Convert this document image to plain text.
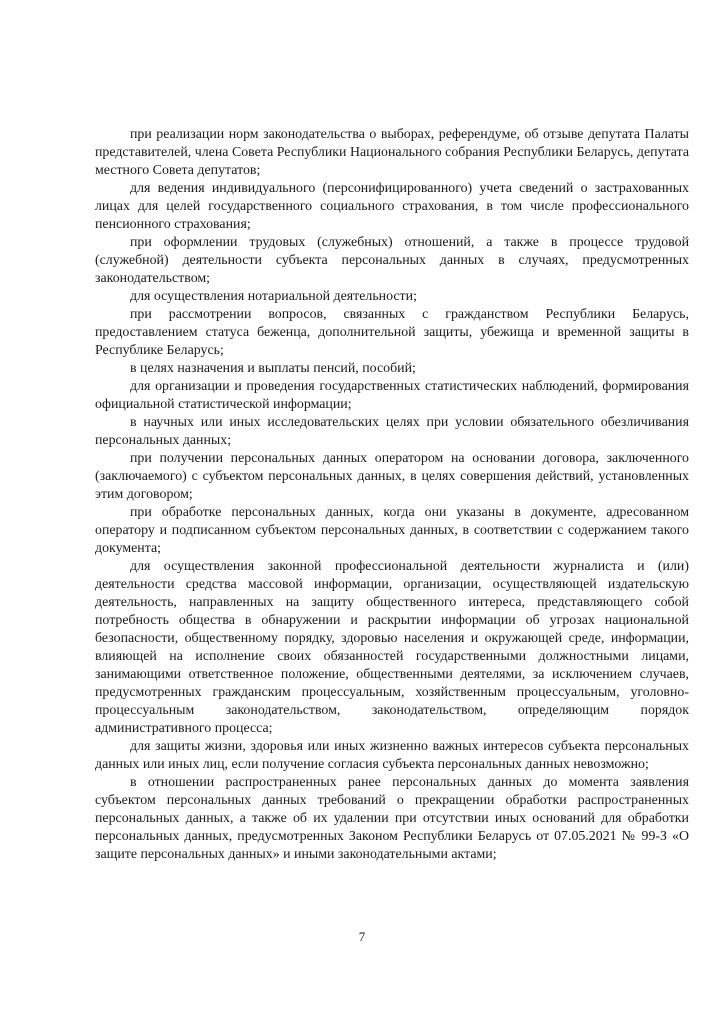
при реализации норм законодательства о выборах, референдуме, об отзыве депутата Палаты представителей, члена Совета Республики Национального собрания Республики Беларусь, депутата местного Совета депутатов;

для ведения индивидуального (персонифицированного) учета сведений о застрахованных лицах для целей государственного социального страхования, в том числе профессионального пенсионного страхования;

при оформлении трудовых (служебных) отношений, а также в процессе трудовой (служебной) деятельности субъекта персональных данных в случаях, предусмотренных законодательством;

для осуществления нотариальной деятельности;

при рассмотрении вопросов, связанных с гражданством Республики Беларусь, предоставлением статуса беженца, дополнительной защиты, убежища и временной защиты в Республике Беларусь;

в целях назначения и выплаты пенсий, пособий;

для организации и проведения государственных статистических наблюдений, формирования официальной статистической информации;

в научных или иных исследовательских целях при условии обязательного обезличивания персональных данных;

при получении персональных данных оператором на основании договора, заключенного (заключаемого) с субъектом персональных данных, в целях совершения действий, установленных этим договором;

при обработке персональных данных, когда они указаны в документе, адресованном оператору и подписанном субъектом персональных данных, в соответствии с содержанием такого документа;

для осуществления законной профессиональной деятельности журналиста и (или) деятельности средства массовой информации, организации, осуществляющей издательскую деятельность, направленных на защиту общественного интереса, представляющего собой потребность общества в обнаружении и раскрытии информации об угрозах национальной безопасности, общественному порядку, здоровью населения и окружающей среде, информации, влияющей на исполнение своих обязанностей государственными должностными лицами, занимающими ответственное положение, общественными деятелями, за исключением случаев, предусмотренных гражданским процессуальным, хозяйственным процессуальным, уголовно-процессуальным законодательством, законодательством, определяющим порядок административного процесса;

для защиты жизни, здоровья или иных жизненно важных интересов субъекта персональных данных или иных лиц, если получение согласия субъекта персональных данных невозможно;

в отношении распространенных ранее персональных данных до момента заявления субъектом персональных данных требований о прекращении обработки распространенных персональных данных, а также об их удалении при отсутствии иных оснований для обработки персональных данных, предусмотренных Законом Республики Беларусь от 07.05.2021 № 99-З «О защите персональных данных» и иными законодательными актами;

7
